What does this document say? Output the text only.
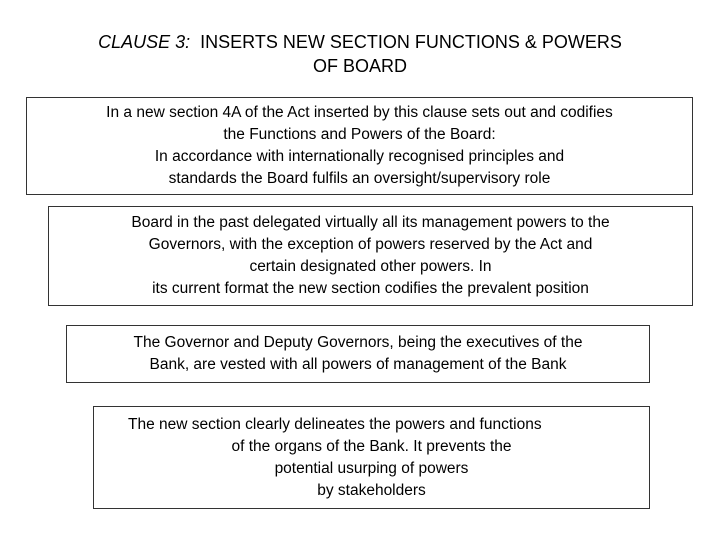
CLAUSE 3: INSERTS NEW SECTION FUNCTIONS & POWERS
OF BOARD
In a new section 4A of the Act inserted by this clause sets out and codifies
the Functions and Powers of the Board:
In accordance with internationally recognised principles and
standards the Board fulfils an oversight/supervisory role
Board in the past delegated virtually all its management powers to the
Governors, with the exception of powers reserved by the Act and
certain designated other powers. In
its current format the new section codifies the prevalent position
The Governor and Deputy Governors, being the executives of the
Bank, are vested with all powers of management of the Bank
The new section clearly delineates the powers and functions
of the organs of the Bank. It prevents the
potential usurping of powers
by stakeholders
